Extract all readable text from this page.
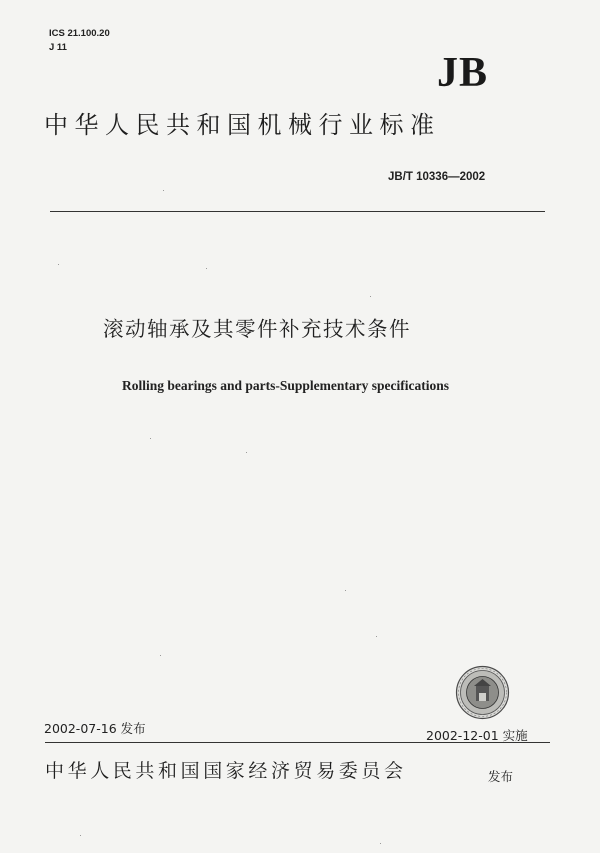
ICS 21.100.20
J 11
JB
中华人民共和国机械行业标准
JB/T 10336—2002
滚动轴承及其零件补充技术条件
Rolling bearings and parts-Supplementary specifications
2002-07-16 发布	2002-12-01 实施
中华人民共和国国家经济贸易委员会	发布
